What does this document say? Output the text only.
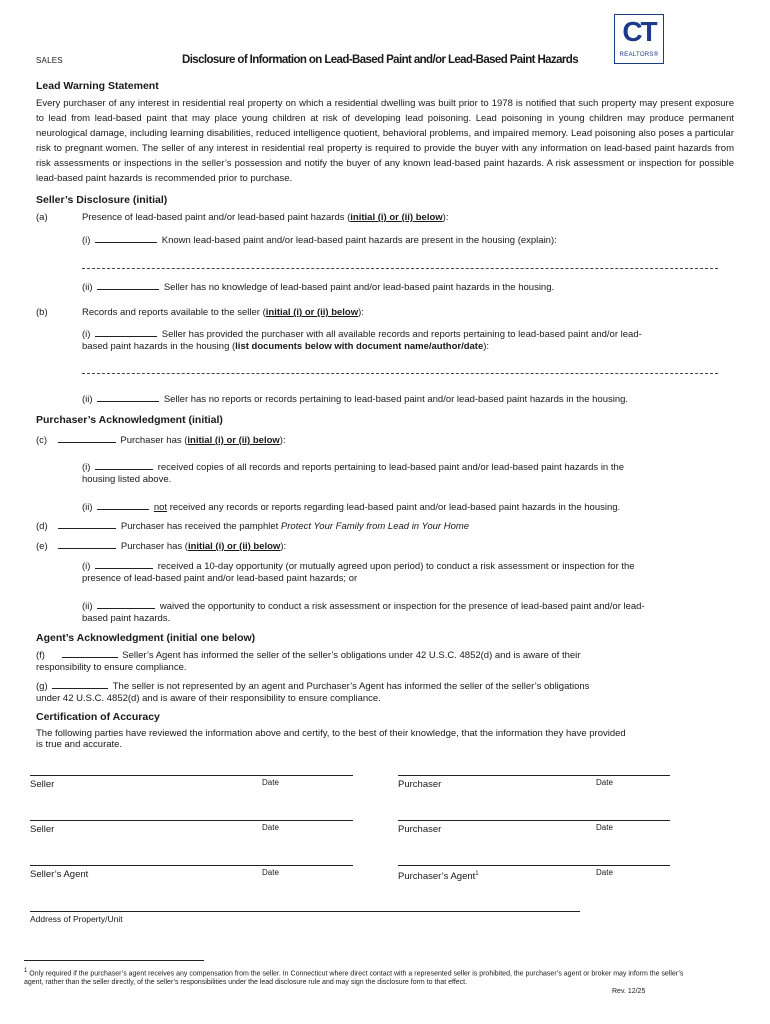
SALES	Disclosure of Information on Lead-Based Paint and/or Lead-Based Paint Hazards
CT
REALTORS®
Lead Warning Statement
Every purchaser of any interest in residential real property on which a residential dwelling was built prior to 1978 is notified that such property may present exposure to lead from lead-based paint that may place young children at risk of developing lead poisoning. Lead poisoning in young children may produce permanent neurological damage, including learning disabilities, reduced intelligence quotient, behavioral problems, and impaired memory. Lead poisoning also poses a particular risk to pregnant women. The seller of any interest in residential real property is required to provide the buyer with any information on lead-based paint hazards from risk assessments or inspections in the seller’s possession and notify the buyer of any known lead-based paint hazards. A risk assessment or inspection for possible lead-based paint hazards is recommended prior to purchase.
Seller’s Disclosure (initial)
(a)	Presence of lead-based paint and/or lead-based paint hazards (initial (i) or (ii) below):
(i)	Known lead-based paint and/or lead-based paint hazards are present in the housing (explain):
(ii)	Seller has no knowledge of lead-based paint and/or lead-based paint hazards in the housing.
(b)	Records and reports available to the seller (initial (i) or (ii) below):
(i)	Seller has provided the purchaser with all available records and reports pertaining to lead-based paint and/or lead-
based paint hazards in the housing (list documents below with document name/author/date):
(ii)	Seller has no reports or records pertaining to lead-based paint and/or lead-based paint hazards in the housing.
Purchaser’s Acknowledgment (initial)
(c)	Purchaser has (initial (i) or (ii) below):
(i)	received copies of all records and reports pertaining to lead-based paint and/or lead-based paint hazards in the
housing listed above.
(ii)	not received any records or reports regarding lead-based paint and/or lead-based paint hazards in the housing.
(d)	Purchaser has received the pamphlet Protect Your Family from Lead in Your Home
(e)	Purchaser has (initial (i) or (ii) below):
(i)	received a 10-day opportunity (or mutually agreed upon period) to conduct a risk assessment or inspection for the
presence of lead-based paint and/or lead-based paint hazards; or
(ii)	waived the opportunity to conduct a risk assessment or inspection for the presence of lead-based paint and/or lead-
based paint hazards.
Agent’s Acknowledgment (initial one below)
(f)	Seller’s Agent has informed the seller of the seller’s obligations under 42 U.S.C. 4852(d) and is aware of their
responsibility to ensure compliance.
(g)	The seller is not represented by an agent and Purchaser’s Agent has informed the seller of the seller’s obligations
under 42 U.S.C. 4852(d) and is aware of their responsibility to ensure compliance.
Certification of Accuracy
The following parties have reviewed the information above and certify, to the best of their knowledge, that the information they have provided
is true and accurate.
Seller	Date	Purchaser	Date
Seller	Date	Purchaser	Date
Seller’s Agent	Date	Purchaser’s Agent$^1$	Date
Address of Property/Unit
$^1$ Only required if the purchaser’s agent receives any compensation from the seller. In Connecticut where direct contact with a represented seller is prohibited, the purchaser’s agent or broker may inform the seller’s
agent, rather than the seller directly, of the seller’s responsibilities under the lead disclosure rule and may sign the disclosure form to that effect.
Rev. 12/25
